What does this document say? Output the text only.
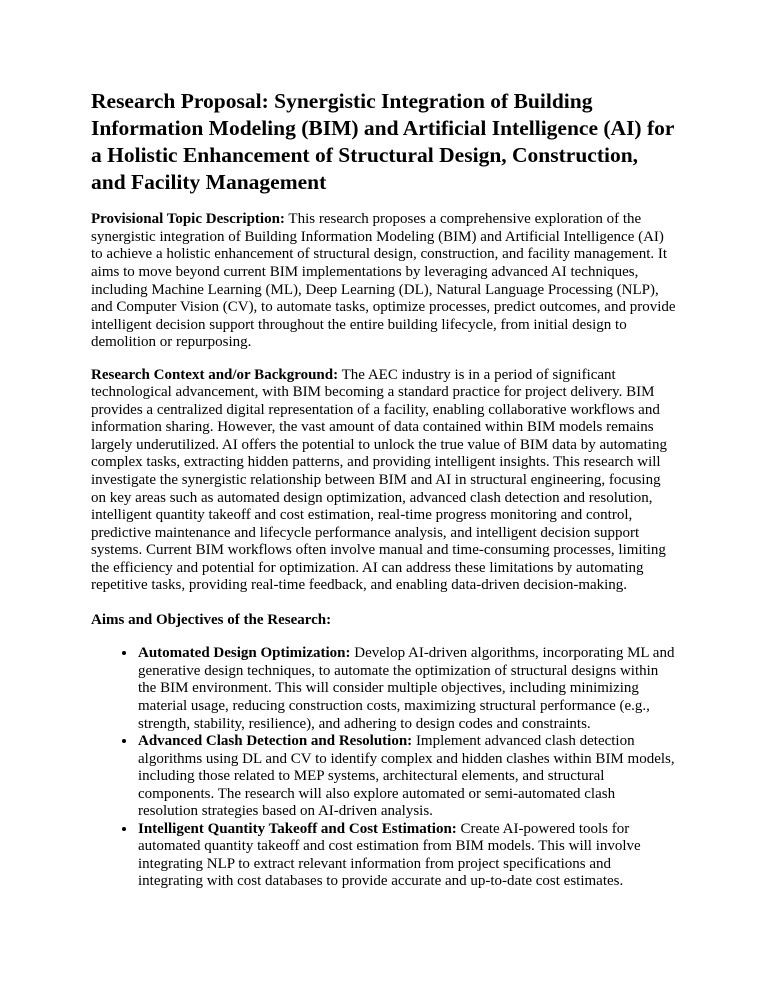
Research Proposal: Synergistic Integration of Building Information Modeling (BIM) and Artificial Intelligence (AI) for a Holistic Enhancement of Structural Design, Construction, and Facility Management

Provisional Topic Description: This research proposes a comprehensive exploration of the synergistic integration of Building Information Modeling (BIM) and Artificial Intelligence (AI) to achieve a holistic enhancement of structural design, construction, and facility management. It aims to move beyond current BIM implementations by leveraging advanced AI techniques, including Machine Learning (ML), Deep Learning (DL), Natural Language Processing (NLP), and Computer Vision (CV), to automate tasks, optimize processes, predict outcomes, and provide intelligent decision support throughout the entire building lifecycle, from initial design to demolition or repurposing.

Research Context and/or Background: The AEC industry is in a period of significant technological advancement, with BIM becoming a standard practice for project delivery. BIM provides a centralized digital representation of a facility, enabling collaborative workflows and information sharing. However, the vast amount of data contained within BIM models remains largely underutilized. AI offers the potential to unlock the true value of BIM data by automating complex tasks, extracting hidden patterns, and providing intelligent insights. This research will investigate the synergistic relationship between BIM and AI in structural engineering, focusing on key areas such as automated design optimization, advanced clash detection and resolution, intelligent quantity takeoff and cost estimation, real-time progress monitoring and control, predictive maintenance and lifecycle performance analysis, and intelligent decision support systems. Current BIM workflows often involve manual and time-consuming processes, limiting the efficiency and potential for optimization. AI can address these limitations by automating repetitive tasks, providing real-time feedback, and enabling data-driven decision-making.

Aims and Objectives of the Research:

• Automated Design Optimization: Develop AI-driven algorithms, incorporating ML and generative design techniques, to automate the optimization of structural designs within the BIM environment. This will consider multiple objectives, including minimizing material usage, reducing construction costs, maximizing structural performance (e.g., strength, stability, resilience), and adhering to design codes and constraints.
• Advanced Clash Detection and Resolution: Implement advanced clash detection algorithms using DL and CV to identify complex and hidden clashes within BIM models, including those related to MEP systems, architectural elements, and structural components. The research will also explore automated or semi-automated clash resolution strategies based on AI-driven analysis.
• Intelligent Quantity Takeoff and Cost Estimation: Create AI-powered tools for automated quantity takeoff and cost estimation from BIM models. This will involve integrating NLP to extract relevant information from project specifications and integrating with cost databases to provide accurate and up-to-date cost estimates.
